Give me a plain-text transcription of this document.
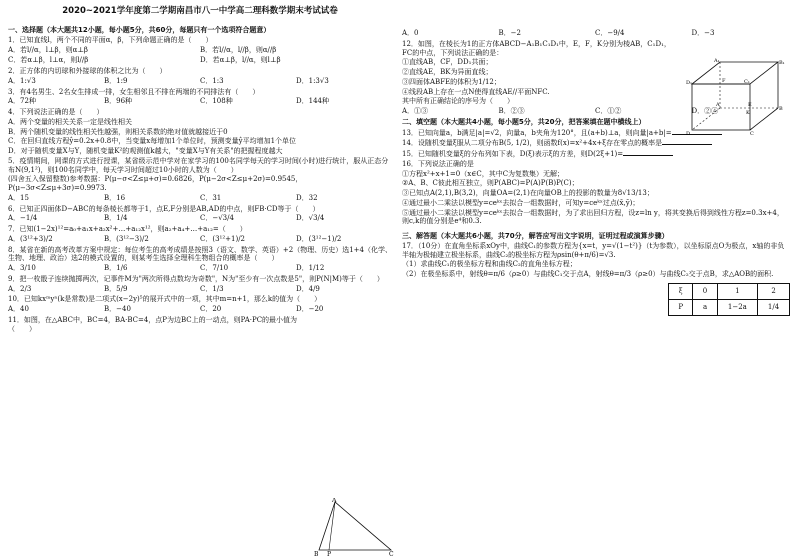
2020~2021学年度第二学期南昌市八一中学高二理科数学期末考试试卷
一、选择题（本大题共12小题，每小题5分，共60分，每题只有一个选项符合题意）
1．已知直线l，两个不同的平面α，β，下列命题正确的是（　　）
A．若l//α，l⊥β，则α⊥β	B．若l//α，l//β，则α//β
C．若α⊥β，l⊥α，则l//β	D．若α⊥β，l//α，则l⊥β
2．正方体的内切球和外接球的体积之比为（　　）
A．1:√3	B．1:9	C．1:3	D．1:3√3
3．有4名男生、2名女生排成一排，女生相邻且不排在两端的不同排法有（　　）
A．72种	B．96种	C．108种	D．144种
4．下列说法正确的是（　　）
A．两个变量的相关关系一定是线性相关
B．两个随机变量的线性相关性越强，则相关系数的绝对值就越接近于0
C．在回归直线方程ŷ=0.2x+0.8中，当变量x每增加1个单位时，预测变量ŷ平均增加1个单位
D．对于随机变量X与Y，随机变量K²的观测值k越大，"变量X与Y有关系"的把握程度越大
5．疫情期间，网课的方式进行授课，某省级示范中学对在家学习的100名同学每天的学习时间(小时)进行统计，服从正态分布N(9,1²)，则100名同学中，每天学习时间超过10小时的人数为（　　）
(四舍五入保留整数)参考数据：P(μ−σ<Z≤μ+σ)=0.6826，P(μ−2σ<Z≤μ+2σ)=0.9545，P(μ−3σ<Z≤μ+3σ)=0.9973.
A．15	B．16	C．31	D．32
6．已知正四面体D−ABC的每条棱长都等于1，点E,F分别是AB,AD的中点，则FB·CD等于（　　）
A．−1/4	B．1/4	C．−√3/4	D．√3/4
7．已知(1−2x)¹²=a₀+a₁x+a₂x²+…+a₁₂x¹²，则a₂+a₄+…+a₁₂=（　　）
A．(3¹²+3)/2	B．(3¹²−3)/2	C．(3¹²+1)/2	D．(3¹²−1)/2
8．某省在新的高考改革方案中规定：每位考生的高考成绩是按照3（语文、数学、英语）+2（物理、历史）选1+4（化学、生物、地理、政治）选2的模式设置的，则某考生选择全理科生物组合的概率是（　　）
A．3/10	B．1/6	C．7/10	D．1/12
9．把一枚骰子连续抛掷两次，记事件M为"两次所得点数均为奇数"，N为"至少有一次点数是5"，则P(N|M)等于（　　）
A．2/3	B．5/9	C．1/3	D．4/9
10．已知kxᵐyⁿ(k是常数)是二项式(x−2y)⁵的展开式中的一项，其中m=n+1，那么k的值为（　　）
A．40	B．−40	C．20	D．−20
11．如图，在△ABC中，BC=4，BA·BC=4，点P为边BC上的一动点，则PA·PC的最小值为（　　）
A
B P	C
A．0	B．−2	C．−9/4	D．−3
12．如图，在棱长为1的正方体ABCD−A₁B₁C₁D₁中，E，F，K分别为棱AB，C₁D₁，FC的中点，下列说法正确的是：
①直线AB，CF，DD₁共面；
②直线AE，BK为异面直线；
③四面体ABFE的体积为1/12；
④线段AB上存在一点N使得直线AE//平面NFC.
其中所有正确结论的序号为（　　）
A．①③	B．②③	C．①②	D．②④
二、填空题（本大题共4小题，每小题5分，共20分，把答案填在题中横线上）
13．已知向量a，b满足|a|=√2，向量a，b夹角为120°，且(a+b)⊥a，则向量|a+b|=
14．设随机变量ξ服从二项分布B(5, 1/2)，则函数f(x)=x²+4x+ξ存在零点的概率是
15．已知随机变量ξ的分布列如下表，D(ξ)表示ξ的方差，则D(2ξ+1)=
16．下列说法正确的是
①方程x²+x+1=0（x∈C，其中C为复数集）无解；
②A、B、C彼此相互独立，则P(ABC)=P(A)P(B)P(C)；
③已知点A(2,1),B(3,2)，向量OA=(2,1)在向量OB上的投影的数量为8√13/13；
④通过最小二乘法以模型y=ceᵏˣ去拟合一组数据时，可知y=ceᵏˣ过点(x̄,ȳ)；
⑤通过最小二乘法以模型y=ceᵏˣ去拟合一组数据时，为了求出回归方程，设z=ln y，将其变换后得到线性方程z=0.3x+4，则c,k的值分别是e⁴和0.3.
三、解答题（本大题共6小题，共70分，解答应写出文字说明，证明过程或演算步骤）
17．（10分）在直角坐标系xOy中，曲线C₁的参数方程为{x=t，y=√(1−t²)}（t为参数），以坐标原点O为极点，x轴的非负半轴为极轴建立极坐标系，曲线C₂的极坐标方程为ρsin(θ+π/6)=√3.
（1）求曲线C₁的极坐标方程和曲线C₂的直角坐标方程；
（2）在极坐标系中，射线θ=π/6（ρ≥0）与曲线C₁交于点A，射线θ=π/3（ρ≥0）与曲线C₂交于点B，求△AOB的面积.
D₁	C₁
A₁	B₁
D	C
B
A
F
K
E
ξ	0	1	2
P	a	1−2a	1/4
